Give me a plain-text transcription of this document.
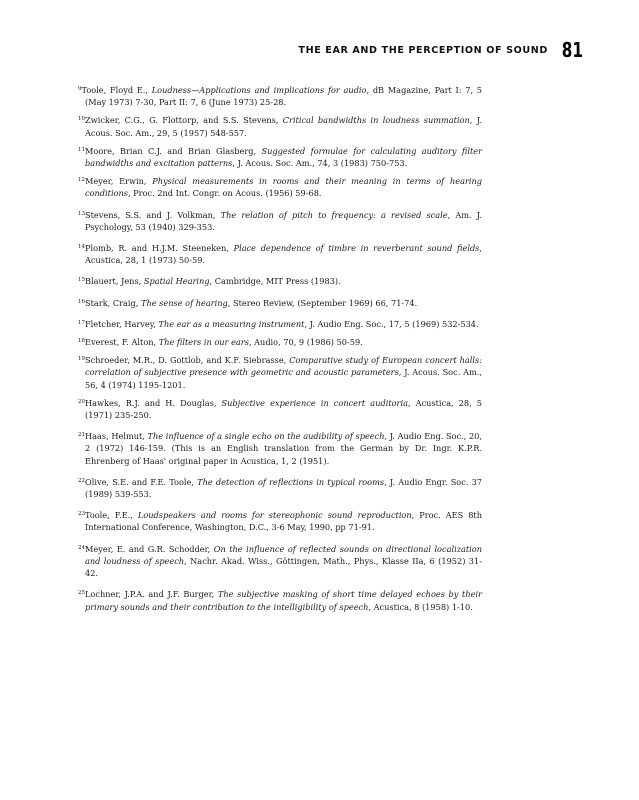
THE EAR AND THE PERCEPTION OF SOUND 81
$^9$Toole, Floyd E., Loudness—Applications and implications for audio, dB Magazine, Part I: 7, 5 (May 1973) 7-30, Part II: 7, 6 (June 1973) 25-28.
$^{10}$Zwicker, C.G., G. Flottorp, and S.S. Stevens, Critical bandwidths in loudness summation, J. Acous. Soc. Am., 29, 5 (1957) 548-557.
$^{11}$Moore, Brian C.J. and Brian Glasberg, Suggested formulae for calculating auditory filter bandwidths and excitation patterns, J. Acous. Soc. Am., 74, 3 (1983) 750-753.
$^{12}$Meyer, Erwin, Physical measurements in rooms and their meaning in terms of hearing conditions, Proc. 2nd Int. Congr. on Acous. (1956) 59-68.
$^{13}$Stevens, S.S. and J. Volkman, The relation of pitch to frequency: a revised scale, Am. J. Psychology, 53 (1940) 329-353.
$^{14}$Plomb, R. and H.J.M. Steeneken, Place dependence of timbre in reverberant sound fields, Acustica, 28, 1 (1973) 50-59.
$^{15}$Blauert, Jens, Spatial Hearing, Cambridge, MIT Press (1983).
$^{16}$Stark, Craig, The sense of hearing, Stereo Review, (September 1969) 66, 71-74.
$^{17}$Fletcher, Harvey, The ear as a measuring instrument, J. Audio Eng. Soc., 17, 5 (1969) 532-534.
$^{18}$Everest, F. Alton, The filters in our ears, Audio, 70, 9 (1986) 50-59.
$^{19}$Schroeder, M.R., D. Gottlob, and K.F. Siebrasse, Comparative study of European concert halls: correlation of subjective presence with geometric and acoustic parameters, J. Acous. Soc. Am., 56, 4 (1974) 1195-1201.
$^{20}$Hawkes, R.J. and H. Douglas, Subjective experience in concert auditoria, Acustica, 28, 5 (1971) 235-250.
$^{21}$Haas, Helmut, The influence of a single echo on the audibility of speech, J. Audio Eng. Soc., 20, 2 (1972) 146-159. (This is an English translation from the German by Dr. Ingr. K.P.R. Ehrenberg of Haas' original paper in Acustica, 1, 2 (1951).
$^{22}$Olive, S.E. and F.E. Toole, The detection of reflections in typical rooms, J. Audio Engr. Soc. 37 (1989) 539-553.
$^{23}$Toole, F.E., Loudspeakers and rooms for stereophonic sound reproduction, Proc. AES 8th International Conference, Washington, D.C., 3-6 May, 1990, pp 71-91.
$^{24}$Meyer, E. and G.R. Schodder, On the influence of reflected sounds on directional localization and loudness of speech, Nachr. Akad. Wiss., Göttingen, Math., Phys., Klasse IIa, 6 (1952) 31-42.
$^{25}$Lochner, J.P.A. and J.F. Burger, The subjective masking of short time delayed echoes by their primary sounds and their contribution to the intelligibility of speech, Acustica, 8 (1958) 1-10.
